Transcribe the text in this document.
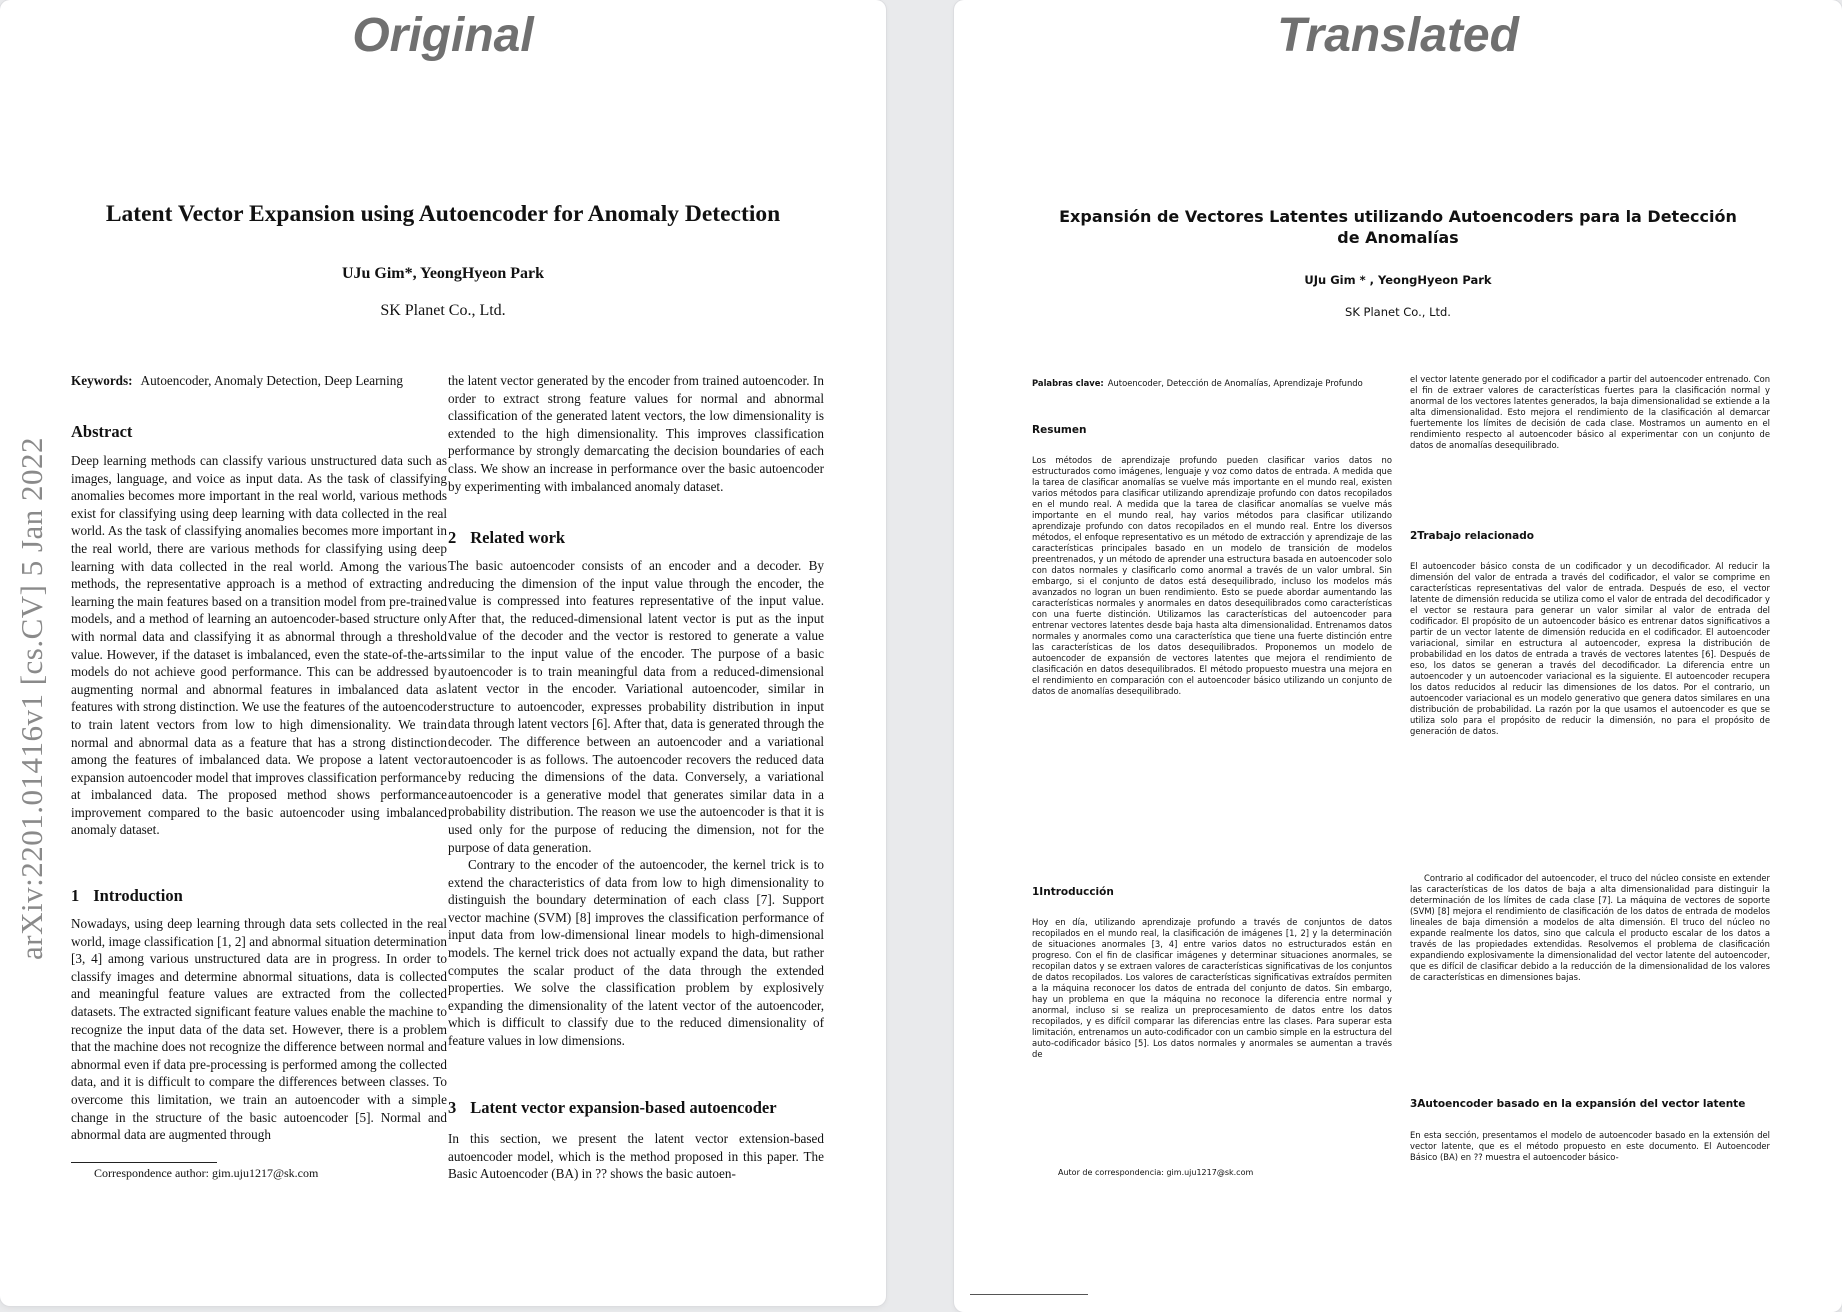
Original
arXiv:2201.01416v1 [cs.CV] 5 Jan 2022
Latent Vector Expansion using Autoencoder for Anomaly Detection
UJu Gim*, YeongHyeon Park
SK Planet Co., Ltd.

Keywords: Autoencoder, Anomaly Detection, Deep Learning

Abstract

Deep learning methods can classify various unstructured data such as images, language, and voice as input data. As the task of classifying anomalies becomes more important in the real world, various methods exist for classifying using deep learning with data collected in the real world. As the task of classifying anomalies becomes more important in the real world, there are various methods for classifying using deep learning with data collected in the real world. Among the various methods, the representative approach is a method of extracting and learning the main features based on a transition model from pre-trained models, and a method of learning an autoencoder-based structure only with normal data and classifying it as abnormal through a threshold value. However, if the dataset is imbalanced, even the state-of-the-arts models do not achieve good performance. This can be addressed by augmenting normal and abnormal features in imbalanced data as features with strong distinction. We use the features of the autoencoder to train latent vectors from low to high dimensionality. We train normal and abnormal data as a feature that has a strong distinction among the features of imbalanced data. We propose a latent vector expansion autoencoder model that improves classification performance at imbalanced data. The proposed method shows performance improvement compared to the basic autoencoder using imbalanced anomaly dataset.

1 Introduction

Nowadays, using deep learning through data sets collected in the real world, image classification [1, 2] and abnormal situation determination [3, 4] among various unstructured data are in progress. In order to classify images and determine abnormal situations, data is collected and meaningful feature values are extracted from the collected datasets. The extracted significant feature values enable the machine to recognize the input data of the data set. However, there is a problem that the machine does not recognize the difference between normal and abnormal even if data pre-processing is performed among the collected data, and it is difficult to compare the differences between classes. To overcome this limitation, we train an autoencoder with a simple change in the structure of the basic autoencoder [5]. Normal and abnormal data are augmented through

Correspondence author: gim.uju1217@sk.com

the latent vector generated by the encoder from trained autoencoder. In order to extract strong feature values for normal and abnormal classification of the generated latent vectors, the low dimensionality is extended to the high dimensionality. This improves classification performance by strongly demarcating the decision boundaries of each class. We show an increase in performance over the basic autoencoder by experimenting with imbalanced anomaly dataset.

2 Related work

The basic autoencoder consists of an encoder and a decoder. By reducing the dimension of the input value through the encoder, the value is compressed into features representative of the input value. After that, the reduced-dimensional latent vector is put as the input value of the decoder and the vector is restored to generate a value similar to the input value of the encoder. The purpose of a basic autoencoder is to train meaningful data from a reduced-dimensional latent vector in the encoder. Variational autoencoder, similar in structure to autoencoder, expresses probability distribution in input data through latent vectors [6]. After that, data is generated through the decoder. The difference between an autoencoder and a variational autoencoder is as follows. The autoencoder recovers the reduced data by reducing the dimensions of the data. Conversely, a variational autoencoder is a generative model that generates similar data in a probability distribution. The reason we use the autoencoder is that it is used only for the purpose of reducing the dimension, not for the purpose of data generation.

Contrary to the encoder of the autoencoder, the kernel trick is to extend the characteristics of data from low to high dimensionality to distinguish the boundary determination of each class [7]. Support vector machine (SVM) [8] improves the classification performance of input data from low-dimensional linear models to high-dimensional models. The kernel trick does not actually expand the data, but rather computes the scalar product of the data through the extended properties. We solve the classification problem by explosively expanding the dimensionality of the latent vector of the autoencoder, which is difficult to classify due to the reduced dimensionality of feature values in low dimensions.

3 Latent vector expansion-based autoencoder

In this section, we present the latent vector extension-based autoencoder model, which is the method proposed in this paper. The Basic Autoencoder (BA) in ?? shows the basic autoen-

Translated
Expansión de Vectores Latentes utilizando Autoencoders para la Detección de Anomalías
UJu Gim * , YeongHyeon Park
SK Planet Co., Ltd.

Palabras clave: Autoencoder, Detección de Anomalías, Aprendizaje Profundo

Resumen

Los métodos de aprendizaje profundo pueden clasificar varios datos no estructurados como imágenes, lenguaje y voz como datos de entrada. A medida que la tarea de clasificar anomalías se vuelve más importante en el mundo real, existen varios métodos para clasificar utilizando aprendizaje profundo con datos recopilados en el mundo real. A medida que la tarea de clasificar anomalías se vuelve más importante en el mundo real, hay varios métodos para clasificar utilizando aprendizaje profundo con datos recopilados en el mundo real. Entre los diversos métodos, el enfoque representativo es un método de extracción y aprendizaje de las características principales basado en un modelo de transición de modelos preentrenados, y un método de aprender una estructura basada en autoencoder solo con datos normales y clasificarlo como anormal a través de un valor umbral. Sin embargo, si el conjunto de datos está desequilibrado, incluso los modelos más avanzados no logran un buen rendimiento. Esto se puede abordar aumentando las características normales y anormales en datos desequilibrados como características con una fuerte distinción. Utilizamos las características del autoencoder para entrenar vectores latentes desde baja hasta alta dimensionalidad. Entrenamos datos normales y anormales como una característica que tiene una fuerte distinción entre las características de los datos desequilibrados. Proponemos un modelo de autoencoder de expansión de vectores latentes que mejora el rendimiento de clasificación en datos desequilibrados. El método propuesto muestra una mejora en el rendimiento en comparación con el autoencoder básico utilizando un conjunto de datos de anomalías desequilibrado.

1Introducción

Hoy en día, utilizando aprendizaje profundo a través de conjuntos de datos recopilados en el mundo real, la clasificación de imágenes [1, 2] y la determinación de situaciones anormales [3, 4] entre varios datos no estructurados están en progreso. Con el fin de clasificar imágenes y determinar situaciones anormales, se recopilan datos y se extraen valores de características significativas de los conjuntos de datos recopilados. Los valores de características significativas extraídos permiten a la máquina reconocer los datos de entrada del conjunto de datos. Sin embargo, hay un problema en que la máquina no reconoce la diferencia entre normal y anormal, incluso si se realiza un preprocesamiento de datos entre los datos recopilados, y es difícil comparar las diferencias entre las clases. Para superar esta limitación, entrenamos un auto-codificador con un cambio simple en la estructura del auto-codificador básico [5]. Los datos normales y anormales se aumentan a través de

Autor de correspondencia: gim.uju1217@sk.com

el vector latente generado por el codificador a partir del autoencoder entrenado. Con el fin de extraer valores de características fuertes para la clasificación normal y anormal de los vectores latentes generados, la baja dimensionalidad se extiende a la alta dimensionalidad. Esto mejora el rendimiento de la clasificación al demarcar fuertemente los límites de decisión de cada clase. Mostramos un aumento en el rendimiento respecto al autoencoder básico al experimentar con un conjunto de datos de anomalías desequilibrado.

2Trabajo relacionado

El autoencoder básico consta de un codificador y un decodificador. Al reducir la dimensión del valor de entrada a través del codificador, el valor se comprime en características representativas del valor de entrada. Después de eso, el vector latente de dimensión reducida se utiliza como el valor de entrada del decodificador y el vector se restaura para generar un valor similar al valor de entrada del codificador. El propósito de un autoencoder básico es entrenar datos significativos a partir de un vector latente de dimensión reducida en el codificador. El autoencoder variacional, similar en estructura al autoencoder, expresa la distribución de probabilidad en los datos de entrada a través de vectores latentes [6]. Después de eso, los datos se generan a través del decodificador. La diferencia entre un autoencoder y un autoencoder variacional es la siguiente. El autoencoder recupera los datos reducidos al reducir las dimensiones de los datos. Por el contrario, un autoencoder variacional es un modelo generativo que genera datos similares en una distribución de probabilidad. La razón por la que usamos el autoencoder es que se utiliza solo para el propósito de reducir la dimensión, no para el propósito de generación de datos.

Contrario al codificador del autoencoder, el truco del núcleo consiste en extender las características de los datos de baja a alta dimensionalidad para distinguir la determinación de los límites de cada clase [7]. La máquina de vectores de soporte (SVM) [8] mejora el rendimiento de clasificación de los datos de entrada de modelos lineales de baja dimensión a modelos de alta dimensión. El truco del núcleo no expande realmente los datos, sino que calcula el producto escalar de los datos a través de las propiedades extendidas. Resolvemos el problema de clasificación expandiendo explosivamente la dimensionalidad del vector latente del autoencoder, que es difícil de clasificar debido a la reducción de la dimensionalidad de los valores de características en dimensiones bajas.

3Autoencoder basado en la expansión del vector latente

En esta sección, presentamos el modelo de autoencoder basado en la extensión del vector latente, que es el método propuesto en este documento. El Autoencoder Básico (BA) en ?? muestra el autoencoder básico-
